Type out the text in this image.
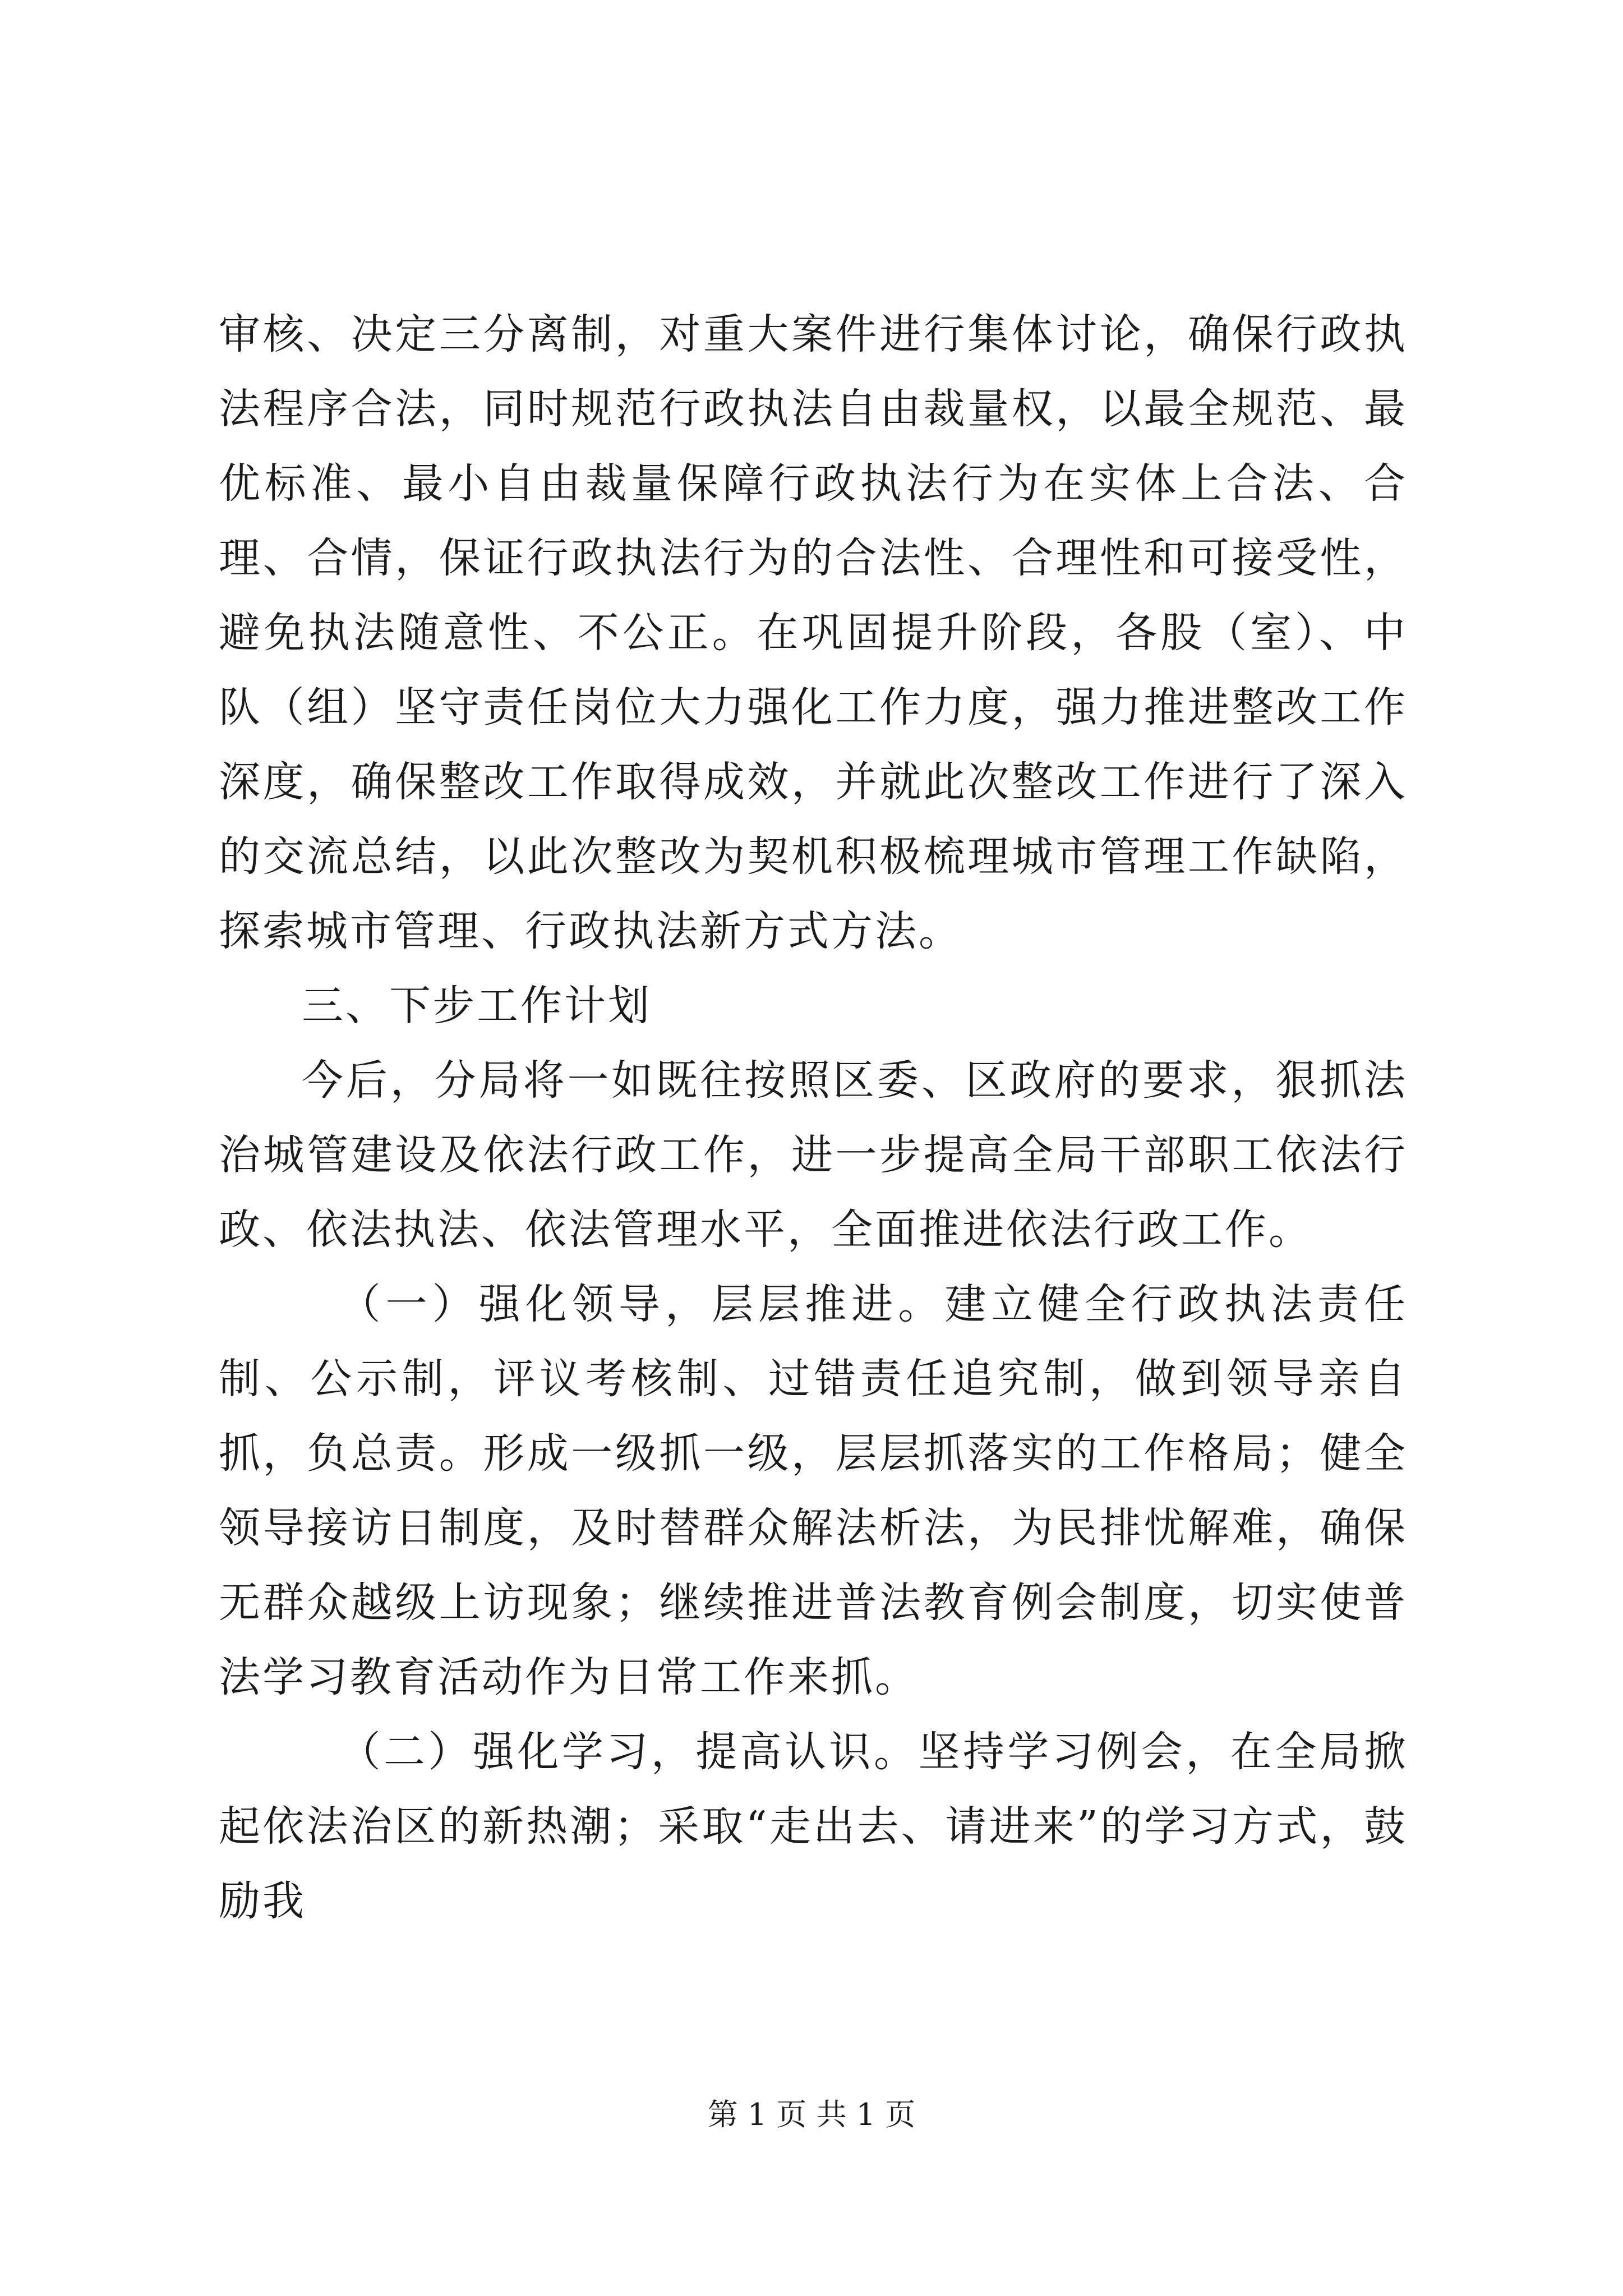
审核、决定三分离制，对重大案件进行集体讨论，确保行政执法程序合法，同时规范行政执法自由裁量权，以最全规范、最优标准、最小自由裁量保障行政执法行为在实体上合法、合理、合情，保证行政执法行为的合法性、合理性和可接受性，避免执法随意性、不公正。在巩固提升阶段，各股（室）、中队（组）坚守责任岗位大力强化工作力度，强力推进整改工作深度，确保整改工作取得成效，并就此次整改工作进行了深入的交流总结，以此次整改为契机积极梳理城市管理工作缺陷，探索城市管理、行政执法新方式方法。

三、下步工作计划

今后，分局将一如既往按照区委、区政府的要求，狠抓法治城管建设及依法行政工作，进一步提高全局干部职工依法行政、依法执法、依法管理水平，全面推进依法行政工作。

（一）强化领导，层层推进。建立健全行政执法责任制、公示制，评议考核制、过错责任追究制，做到领导亲自抓，负总责。形成一级抓一级，层层抓落实的工作格局；健全领导接访日制度，及时替群众解法析法，为民排忧解难，确保无群众越级上访现象；继续推进普法教育例会制度，切实使普法学习教育活动作为日常工作来抓。

（二）强化学习，提高认识。坚持学习例会，在全局掀起依法治区的新热潮；采取“走出去、请进来”的学习方式，鼓励我

第 1 页 共 1 页
